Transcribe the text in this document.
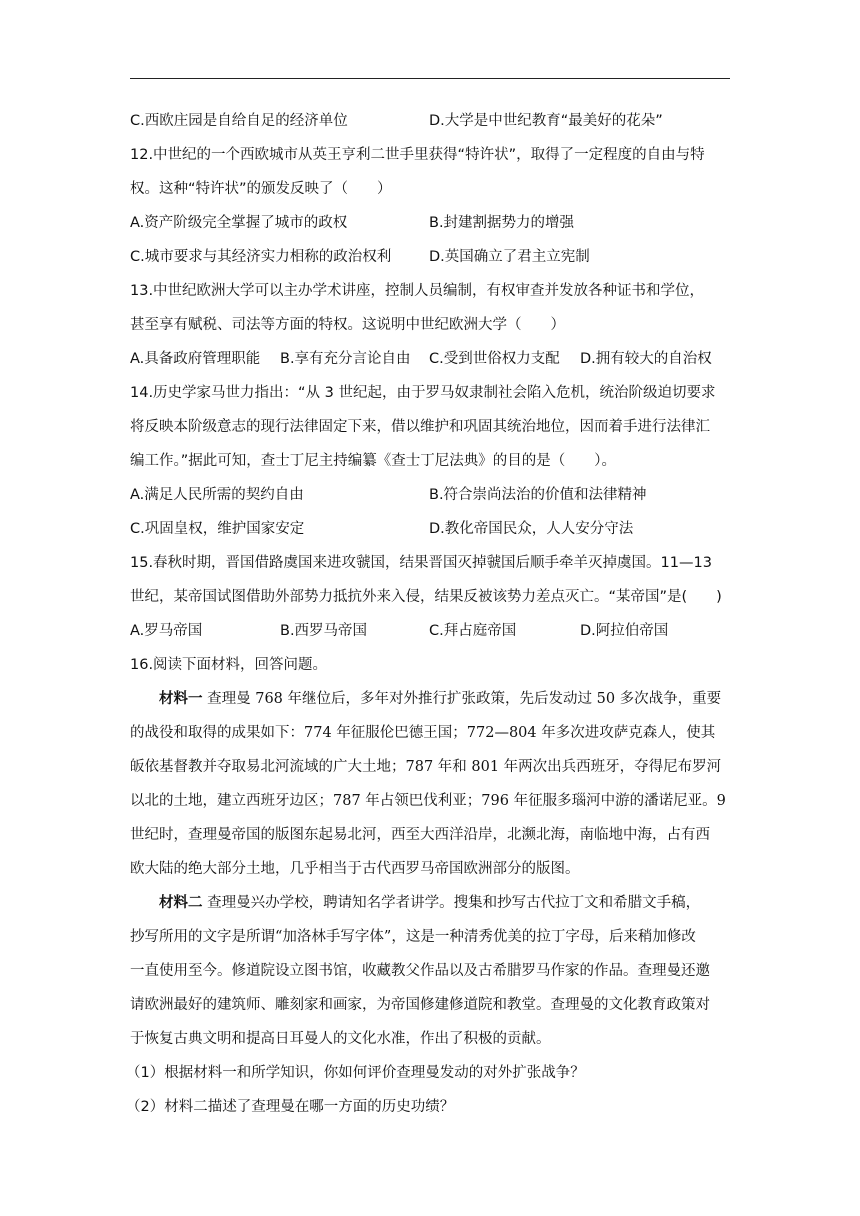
C.西欧庄园是自给自足的经济单位	D.大学是中世纪教育“最美好的花朵”
12.中世纪的一个西欧城市从英王亨利二世手里获得“特许状”，取得了一定程度的自由与特
权。这种“特许状”的颁发反映了（　　）
A.资产阶级完全掌握了城市的政权	B.封建割据势力的增强
C.城市要求与其经济实力相称的政治权利	D.英国确立了君主立宪制
13.中世纪欧洲大学可以主办学术讲座，控制人员编制，有权审查并发放各种证书和学位，
甚至享有赋税、司法等方面的特权。这说明中世纪欧洲大学（　　）
A.具备政府管理职能 B.享有充分言论自由 C.受到世俗权力支配 D.拥有较大的自治权
14.历史学家马世力指出：“从 3 世纪起，由于罗马奴隶制社会陷入危机，统治阶级迫切要求
将反映本阶级意志的现行法律固定下来，借以维护和巩固其统治地位，因而着手进行法律汇
编工作。”据此可知，查士丁尼主持编纂《查士丁尼法典》的目的是（　　）。
A.满足人民所需的契约自由	B.符合崇尚法治的价值和法律精神
C.巩固皇权，维护国家安定	D.教化帝国民众，人人安分守法
15.春秋时期，晋国借路虞国来进攻虢国，结果晋国灭掉虢国后顺手牵羊灭掉虞国。11—13
世纪，某帝国试图借助外部势力抵抗外来入侵，结果反被该势力差点灭亡。“某帝国”是(　　)
A.罗马帝国	B.西罗马帝国	C.拜占庭帝国	D.阿拉伯帝国
16.阅读下面材料，回答问题。
材料一 查理曼 768 年继位后，多年对外推行扩张政策，先后发动过 50 多次战争，重要
的战役和取得的成果如下：774 年征服伦巴德王国；772—804 年多次进攻萨克森人，使其
皈依基督教并夺取易北河流域的广大土地；787 年和 801 年两次出兵西班牙，夺得尼布罗河
以北的土地，建立西班牙边区；787 年占领巴伐利亚；796 年征服多瑙河中游的潘诺尼亚。9
世纪时，查理曼帝国的版图东起易北河，西至大西洋沿岸，北濒北海，南临地中海，占有西
欧大陆的绝大部分土地，几乎相当于古代西罗马帝国欧洲部分的版图。
材料二 查理曼兴办学校，聘请知名学者讲学。搜集和抄写古代拉丁文和希腊文手稿，
抄写所用的文字是所谓“加洛林手写字体”，这是一种清秀优美的拉丁字母，后来稍加修改
一直使用至今。修道院设立图书馆，收藏教父作品以及古希腊罗马作家的作品。查理曼还邀
请欧洲最好的建筑师、雕刻家和画家，为帝国修建修道院和教堂。查理曼的文化教育政策对
于恢复古典文明和提高日耳曼人的文化水准，作出了积极的贡献。
（1）根据材料一和所学知识，你如何评价查理曼发动的对外扩张战争？
（2）材料二描述了查理曼在哪一方面的历史功绩？
